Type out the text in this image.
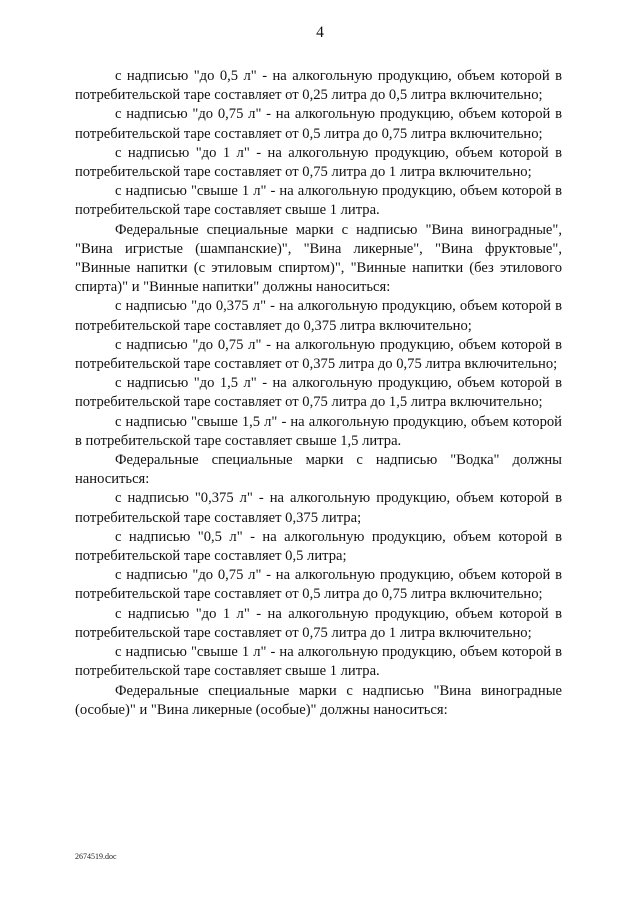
4

с надписью "до 0,5 л" - на алкогольную продукцию, объем которой в потребительской таре составляет от 0,25 литра до 0,5 литра включительно;

с надписью "до 0,75 л" - на алкогольную продукцию, объем которой в потребительской таре составляет от 0,5 литра до 0,75 литра включительно;

с надписью "до 1 л" - на алкогольную продукцию, объем которой в потребительской таре составляет от 0,75 литра до 1 литра включительно;

с надписью "свыше 1 л" - на алкогольную продукцию, объем которой в потребительской таре составляет свыше 1 литра.

Федеральные специальные марки с надписью "Вина виноградные", "Вина игристые (шампанские)", "Вина ликерные", "Вина фруктовые", "Винные напитки (с этиловым спиртом)", "Винные напитки (без этилового спирта)" и "Винные напитки" должны наноситься:

с надписью "до 0,375 л" - на алкогольную продукцию, объем которой в потребительской таре составляет до 0,375 литра включительно;

с надписью "до 0,75 л" - на алкогольную продукцию, объем которой в потребительской таре составляет от 0,375 литра до 0,75 литра включительно;

с надписью "до 1,5 л" - на алкогольную продукцию, объем которой в потребительской таре составляет от 0,75 литра до 1,5 литра включительно;

с надписью "свыше 1,5 л" - на алкогольную продукцию, объем которой в потребительской таре составляет свыше 1,5 литра.

Федеральные специальные марки с надписью "Водка" должны наноситься:

с надписью "0,375 л" - на алкогольную продукцию, объем которой в потребительской таре составляет 0,375 литра;

с надписью "0,5 л" - на алкогольную продукцию, объем которой в потребительской таре составляет 0,5 литра;

с надписью "до 0,75 л" - на алкогольную продукцию, объем которой в потребительской таре составляет от 0,5 литра до 0,75 литра включительно;

с надписью "до 1 л" - на алкогольную продукцию, объем которой в потребительской таре составляет от 0,75 литра до 1 литра включительно;

с надписью "свыше 1 л" - на алкогольную продукцию, объем которой в потребительской таре составляет свыше 1 литра.

Федеральные специальные марки с надписью "Вина виноградные (особые)" и "Вина ликерные (особые)" должны наноситься:

2674519.doc
